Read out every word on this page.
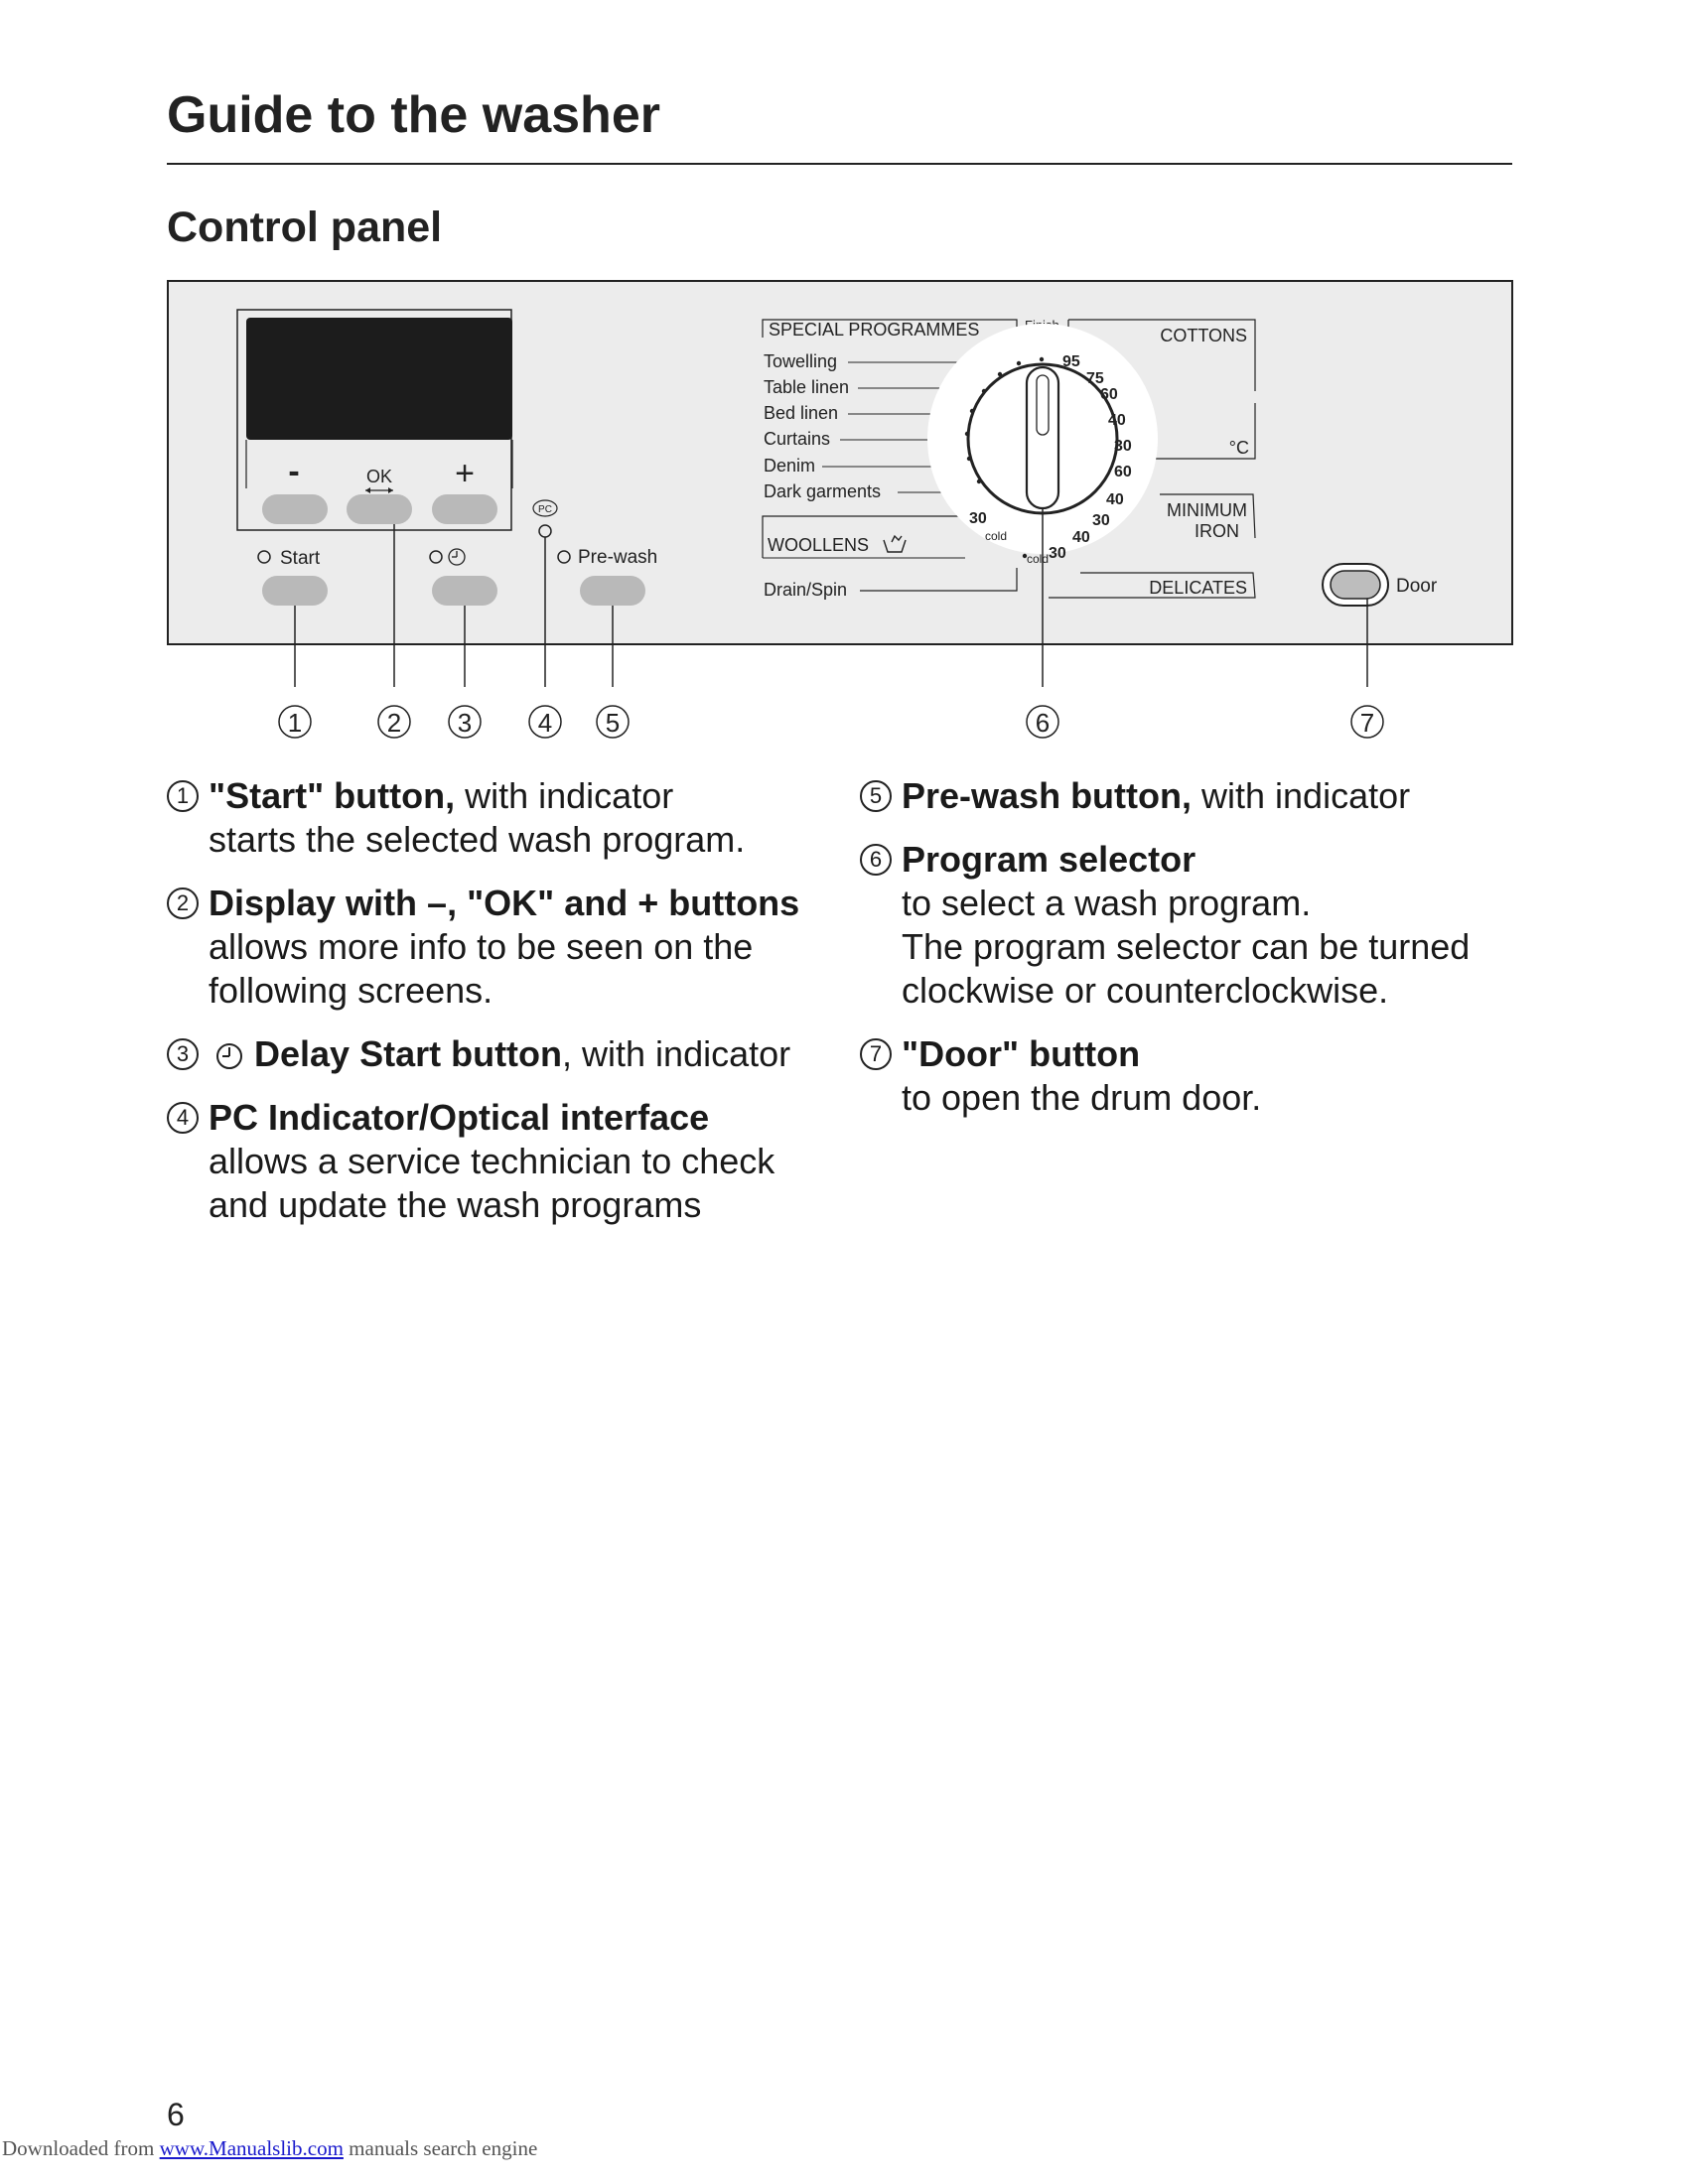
Guide to the washer
Control panel
-	OK +
Start
PC
Pre-wash
SPECIAL PROGRAMMES
Towelling
Table linen
Bed linen
Curtains
Denim
Dark garments
WOOLLENS
Drain/Spin
COTTONS
°C
MINIMUM
IRON
DELICATES
95
75
60
40
30
60
40
30
40
30
cold
cold
30
Door
1	2 3	4 5	6	7
1 "Start" button, with indicator
starts the selected wash program.
2 Display with –, "OK" and + buttons
allows more info to be seen on the
following screens.
3 Delay Start button, with indicator
4 PC Indicator/Optical interface
allows a service technician to check
and update the wash programs
5 Pre-wash button, with indicator
6 Program selector
to select a wash program.
The program selector can be turned
clockwise or counterclockwise.
7 "Door" button
to open the drum door.
6
Downloaded from www.Manualslib.com manuals search engine
